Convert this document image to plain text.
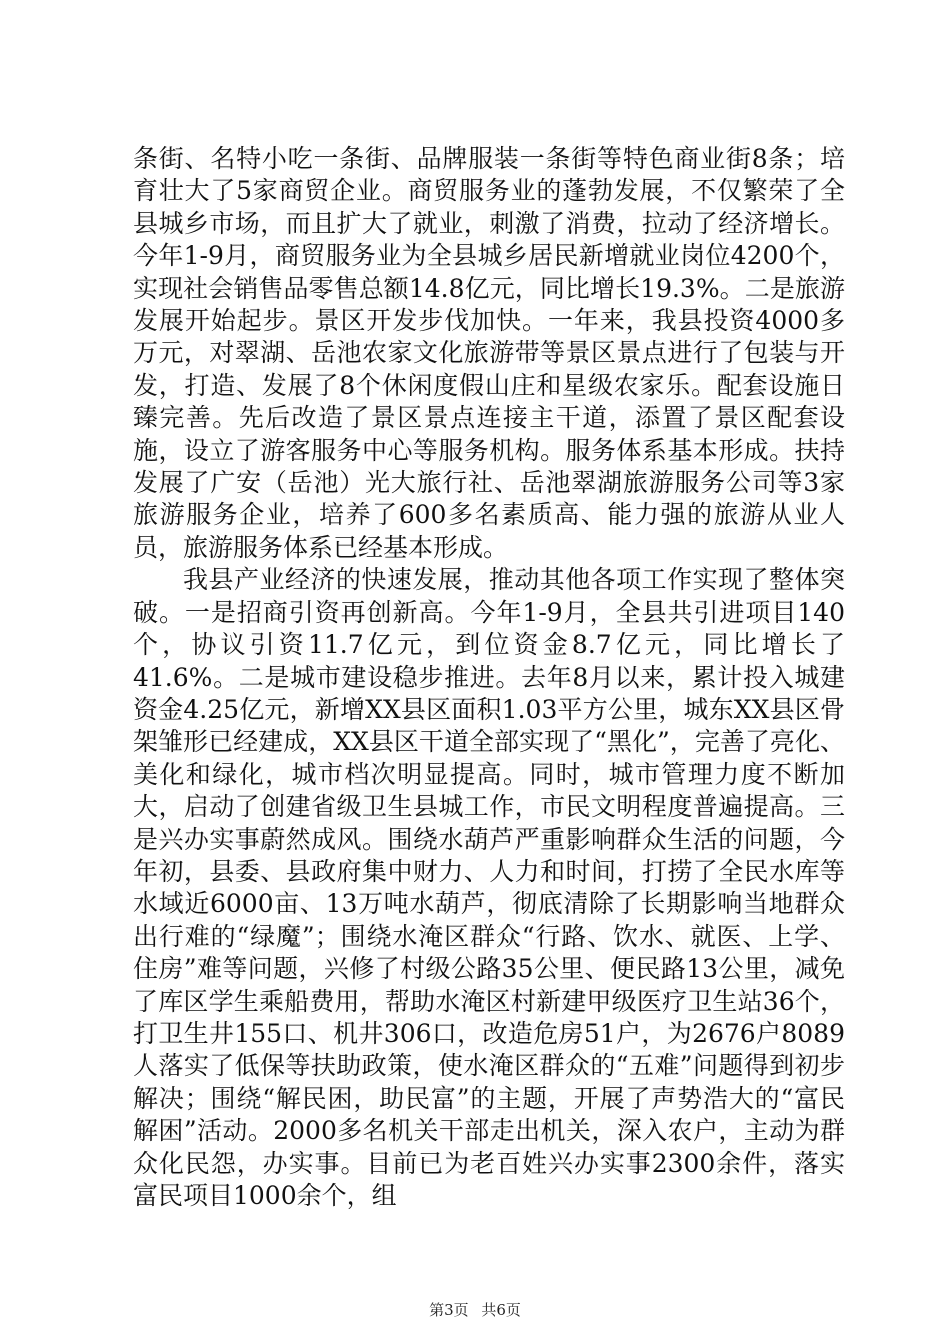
条街、名特小吃一条街、品牌服装一条街等特色商业街8条；培育壮大了5家商贸企业。商贸服务业的蓬勃发展，不仅繁荣了全县城乡市场，而且扩大了就业，刺激了消费，拉动了经济增长。今年1-9月，商贸服务业为全县城乡居民新增就业岗位4200个，实现社会销售品零售总额14.8亿元，同比增长19.3%。二是旅游发展开始起步。景区开发步伐加快。一年来，我县投资4000多万元，对翠湖、岳池农家文化旅游带等景区景点进行了包装与开发，打造、发展了8个休闲度假山庄和星级农家乐。配套设施日臻完善。先后改造了景区景点连接主干道，添置了景区配套设施，设立了游客服务中心等服务机构。服务体系基本形成。扶持发展了广安（岳池）光大旅行社、岳池翠湖旅游服务公司等3家旅游服务企业，培养了600多名素质高、能力强的旅游从业人员，旅游服务体系已经基本形成。

我县产业经济的快速发展，推动其他各项工作实现了整体突破。一是招商引资再创新高。今年1-9月，全县共引进项目140个，协议引资11.7亿元，到位资金8.7亿元，同比增长了41.6%。二是城市建设稳步推进。去年8月以来，累计投入城建资金4.25亿元，新增XX县区面积1.03平方公里，城东XX县区骨架雏形已经建成，XX县区干道全部实现了“黑化”，完善了亮化、美化和绿化，城市档次明显提高。同时，城市管理力度不断加大，启动了创建省级卫生县城工作，市民文明程度普遍提高。三是兴办实事蔚然成风。围绕水葫芦严重影响群众生活的问题，今年初，县委、县政府集中财力、人力和时间，打捞了全民水库等水域近6000亩、13万吨水葫芦，彻底清除了长期影响当地群众出行难的“绿魔”；围绕水淹区群众“行路、饮水、就医、上学、住房”难等问题，兴修了村级公路35公里、便民路13公里，减免了库区学生乘船费用，帮助水淹区村新建甲级医疗卫生站36个，打卫生井155口、机井306口，改造危房51户，为2676户8089人落实了低保等扶助政策，使水淹区群众的“五难”问题得到初步解决；围绕“解民困，助民富”的主题，开展了声势浩大的“富民解困”活动。2000多名机关干部走出机关，深入农户，主动为群众化民怨，办实事。目前已为老百姓兴办实事2300余件，落实富民项目1000余个，组

第3页 共6页
